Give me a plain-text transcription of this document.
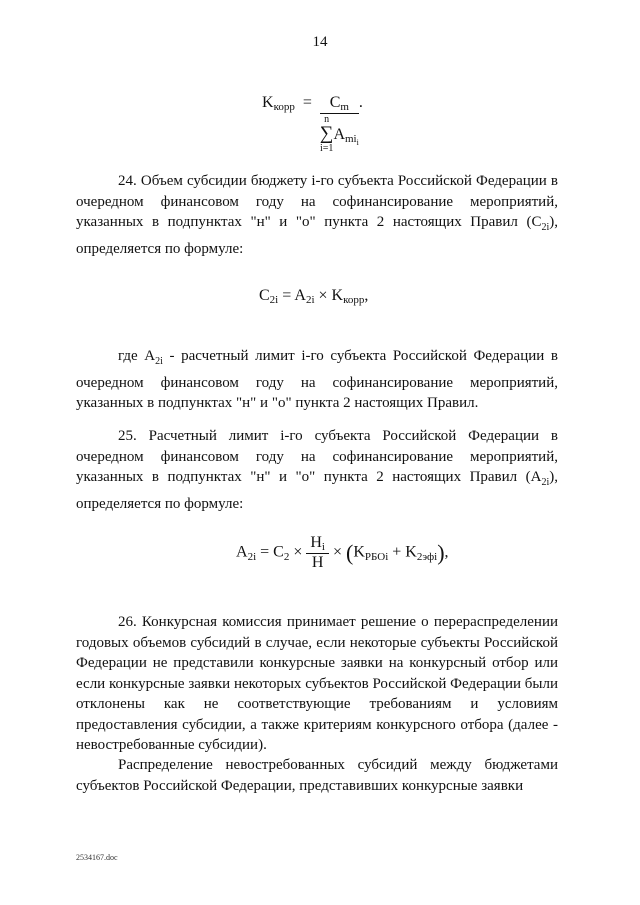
14
Kкорр = Cm
n
∑
i=1
$A_{mi_i}$ .
24. Объем субсидии бюджету i-го субъекта Российской Федерации в очередном финансовом году на софинансирование мероприятий, указанных в подпунктах "н" и "о" пункта 2 настоящих Правил $(С_{2i})$, определяется по формуле:
C2i = A2i × Kкорр,
где $А_{2i}$ - расчетный лимит i-го субъекта Российской Федерации в очередном финансовом году на софинансирование мероприятий, указанных в подпунктах "н" и "о" пункта 2 настоящих Правил.
25. Расчетный лимит i-го субъекта Российской Федерации в очередном финансовом году на софинансирование мероприятий, указанных в подпунктах "н" и "о" пункта 2 настоящих Правил $(А_{2i})$, определяется по формуле:
$A2i = C2 \times \frac{Hi}{H}$ × (KРБОi + K2эфi),
26. Конкурсная комиссия принимает решение о перераспределении годовых объемов субсидий в случае, если некоторые субъекты Российской Федерации не представили конкурсные заявки на конкурсный отбор или если конкурсные заявки некоторых субъектов Российской Федерации были отклонены как не соответствующие требованиям и условиям предоставления субсидии, а также критериям конкурсного отбора (далее - невостребованные субсидии).
Распределение невостребованных субсидий между бюджетами субъектов Российской Федерации, представивших конкурсные заявки
2534167.doc
